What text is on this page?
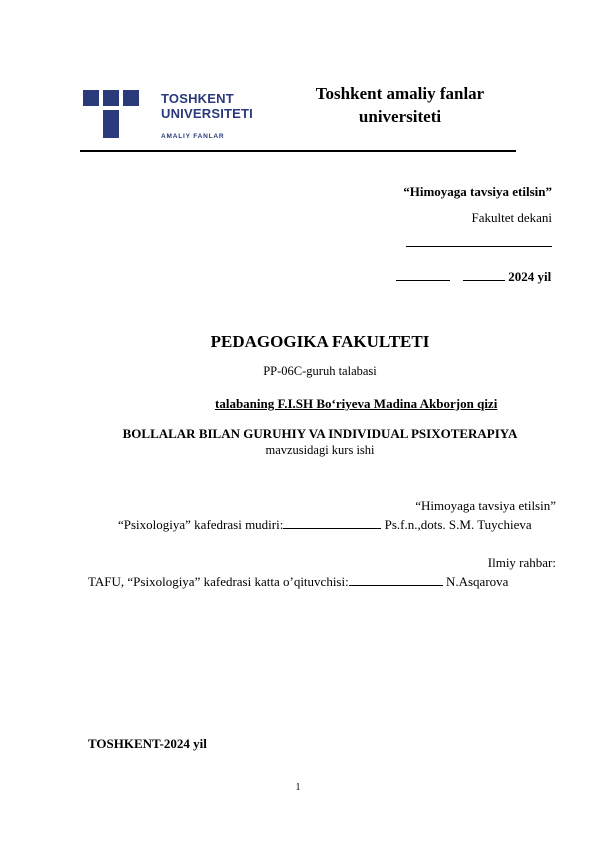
TOSHKENT
UNIVERSITETI
AMALIY FANLAR
Toshkent amaliy fanlar
universiteti
“Himoyaga tavsiya etilsin”
Fakultet dekani
2024 yil
PEDAGOGIKA FAKULTETI
PP-06C-guruh talabasi
talabaning F.I.SH Bo‘riyeva Madina Akborjon qizi
BOLLALAR BILAN GURUHIY VA INDIVIDUAL PSIXOTERAPIYA
mavzusidagi kurs ishi
“Himoyaga tavsiya etilsin”
“Psixologiya” kafedrasi mudiri:	Ps.f.n.,dots. S.M. Tuychieva
Ilmiy rahbar:
TAFU, “Psixologiya” kafedrasi katta o’qituvchisi:	N.Asqarova
TOSHKENT-2024 yil
1
